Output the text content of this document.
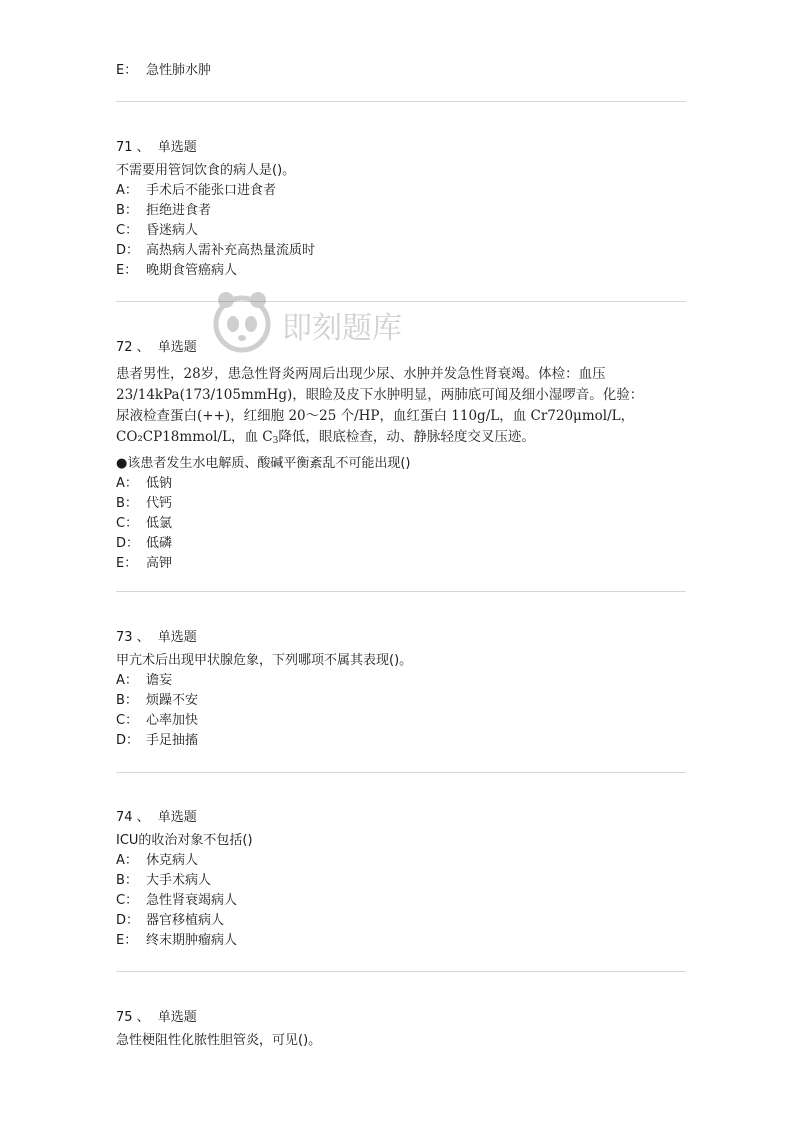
E： 急性肺水肿
71 、 单选题
不需要用管饲饮食的病人是()。
A： 手术后不能张口进食者
B： 拒绝进食者
C： 昏迷病人
D： 高热病人需补充高热量流质时
E： 晚期食管癌病人
即刻题库
72 、 单选题
患者男性，28岁，患急性肾炎两周后出现少尿、水肿并发急性肾衰竭。体检：血压
23/14kPa(173/105mmHg)，眼睑及皮下水肿明显，两肺底可闻及细小湿啰音。化验：
尿液检查蛋白(++)，红细胞 20～25 个/HP，血红蛋白 110g/L，血 Cr720μmol/L，
CO₂CP18mmol/L，血 $C_3$降低，眼底检查，动、静脉轻度交叉压迹。
●该患者发生水电解质、酸碱平衡紊乱不可能出现()
A： 低钠
B： 代钙
C： 低氯
D： 低磷
E： 高钾
73 、 单选题
甲亢术后出现甲状腺危象，下列哪项不属其表现()。
A： 谵妄
B： 烦躁不安
C： 心率加快
D： 手足抽搐
74 、 单选题
ICU的收治对象不包括()
A： 休克病人
B： 大手术病人
C： 急性肾衰竭病人
D： 器官移植病人
E： 终末期肿瘤病人
75 、 单选题
急性梗阻性化脓性胆管炎，可见()。
